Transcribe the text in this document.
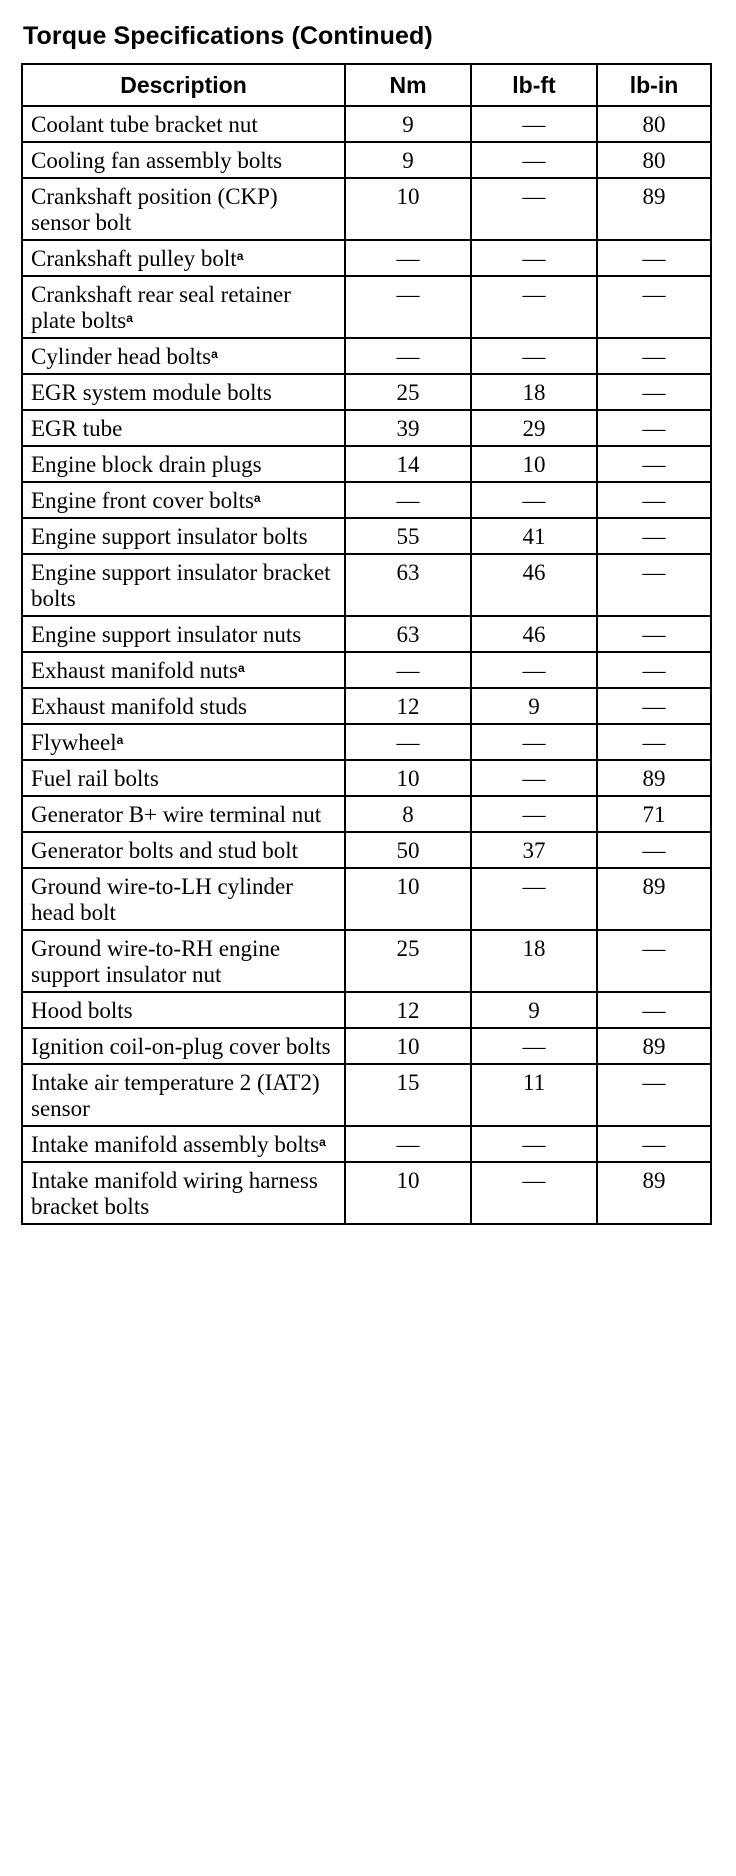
Torque Specifications (Continued)
Description	Nm	lb-ft	lb-in
Coolant tube bracket nut	9	—	80
Cooling fan assembly bolts	9	—	80
Crankshaft position (CKP) sensor bolt	10	—	89
Crankshaft pulley bolt$^a$	—	—	—
Crankshaft rear seal retainer plate bolts$^a$	—	—	—
Cylinder head bolts$^a$	—	—	—
EGR system module bolts	25	18	—
EGR tube	39	29	—
Engine block drain plugs	14	10	—
Engine front cover bolts$^a$	—	—	—
Engine support insulator bolts	55	41	—
Engine support insulator bracket bolts	63	46	—
Engine support insulator nuts	63	46	—
Exhaust manifold nuts$^a$	—	—	—
Exhaust manifold studs	12	9	—
Flywheel$^a$	—	—	—
Fuel rail bolts	10	—	89
Generator B+ wire terminal nut	8	—	71
Generator bolts and stud bolt	50	37	—
Ground wire-to-LH cylinder head bolt	10	—	89
Ground wire-to-RH engine support insulator nut	25	18	—
Hood bolts	12	9	—
Ignition coil-on-plug cover bolts	10	—	89
Intake air temperature 2 (IAT2) sensor	15	11	—
Intake manifold assembly bolts$^a$	—	—	—
Intake manifold wiring harness bracket bolts	10	—	89
